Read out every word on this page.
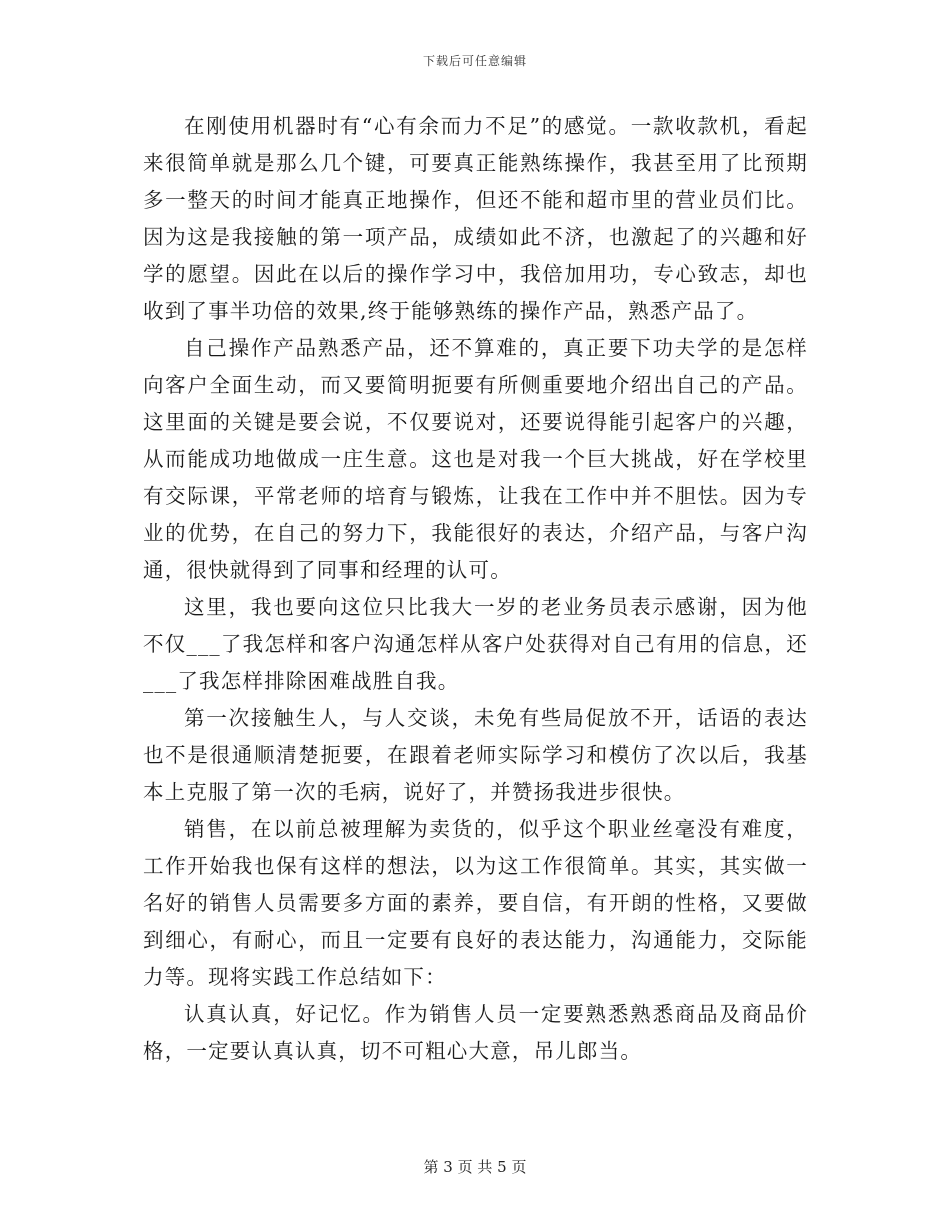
下载后可任意编辑

在刚使用机器时有“心有余而力不足”的感觉。一款收款机，看起来很简单就是那么几个键，可要真正能熟练操作，我甚至用了比预期多一整天的时间才能真正地操作，但还不能和超市里的营业员们比。因为这是我接触的第一项产品，成绩如此不济，也激起了的兴趣和好学的愿望。因此在以后的操作学习中，我倍加用功，专心致志，却也收到了事半功倍的效果,终于能够熟练的操作产品，熟悉产品了。

自己操作产品熟悉产品，还不算难的，真正要下功夫学的是怎样向客户全面生动，而又要简明扼要有所侧重要地介绍出自己的产品。这里面的关键是要会说，不仅要说对，还要说得能引起客户的兴趣，从而能成功地做成一庄生意。这也是对我一个巨大挑战，好在学校里有交际课，平常老师的培育与锻炼，让我在工作中并不胆怯。因为专业的优势，在自己的努力下，我能很好的表达，介绍产品，与客户沟通，很快就得到了同事和经理的认可。

这里，我也要向这位只比我大一岁的老业务员表示感谢，因为他不仅___了我怎样和客户沟通怎样从客户处获得对自己有用的信息，还___了我怎样排除困难战胜自我。

第一次接触生人，与人交谈，未免有些局促放不开，话语的表达也不是很通顺清楚扼要，在跟着老师实际学习和模仿了次以后，我基本上克服了第一次的毛病，说好了，并赞扬我进步很快。

销售，在以前总被理解为卖货的，似乎这个职业丝毫没有难度，工作开始我也保有这样的想法，以为这工作很简单。其实，其实做一名好的销售人员需要多方面的素养，要自信，有开朗的性格，又要做到细心，有耐心，而且一定要有良好的表达能力，沟通能力，交际能力等。现将实践工作总结如下：

认真认真，好记忆。作为销售人员一定要熟悉熟悉商品及商品价格，一定要认真认真，切不可粗心大意，吊儿郎当。

第 3 页 共 5 页
